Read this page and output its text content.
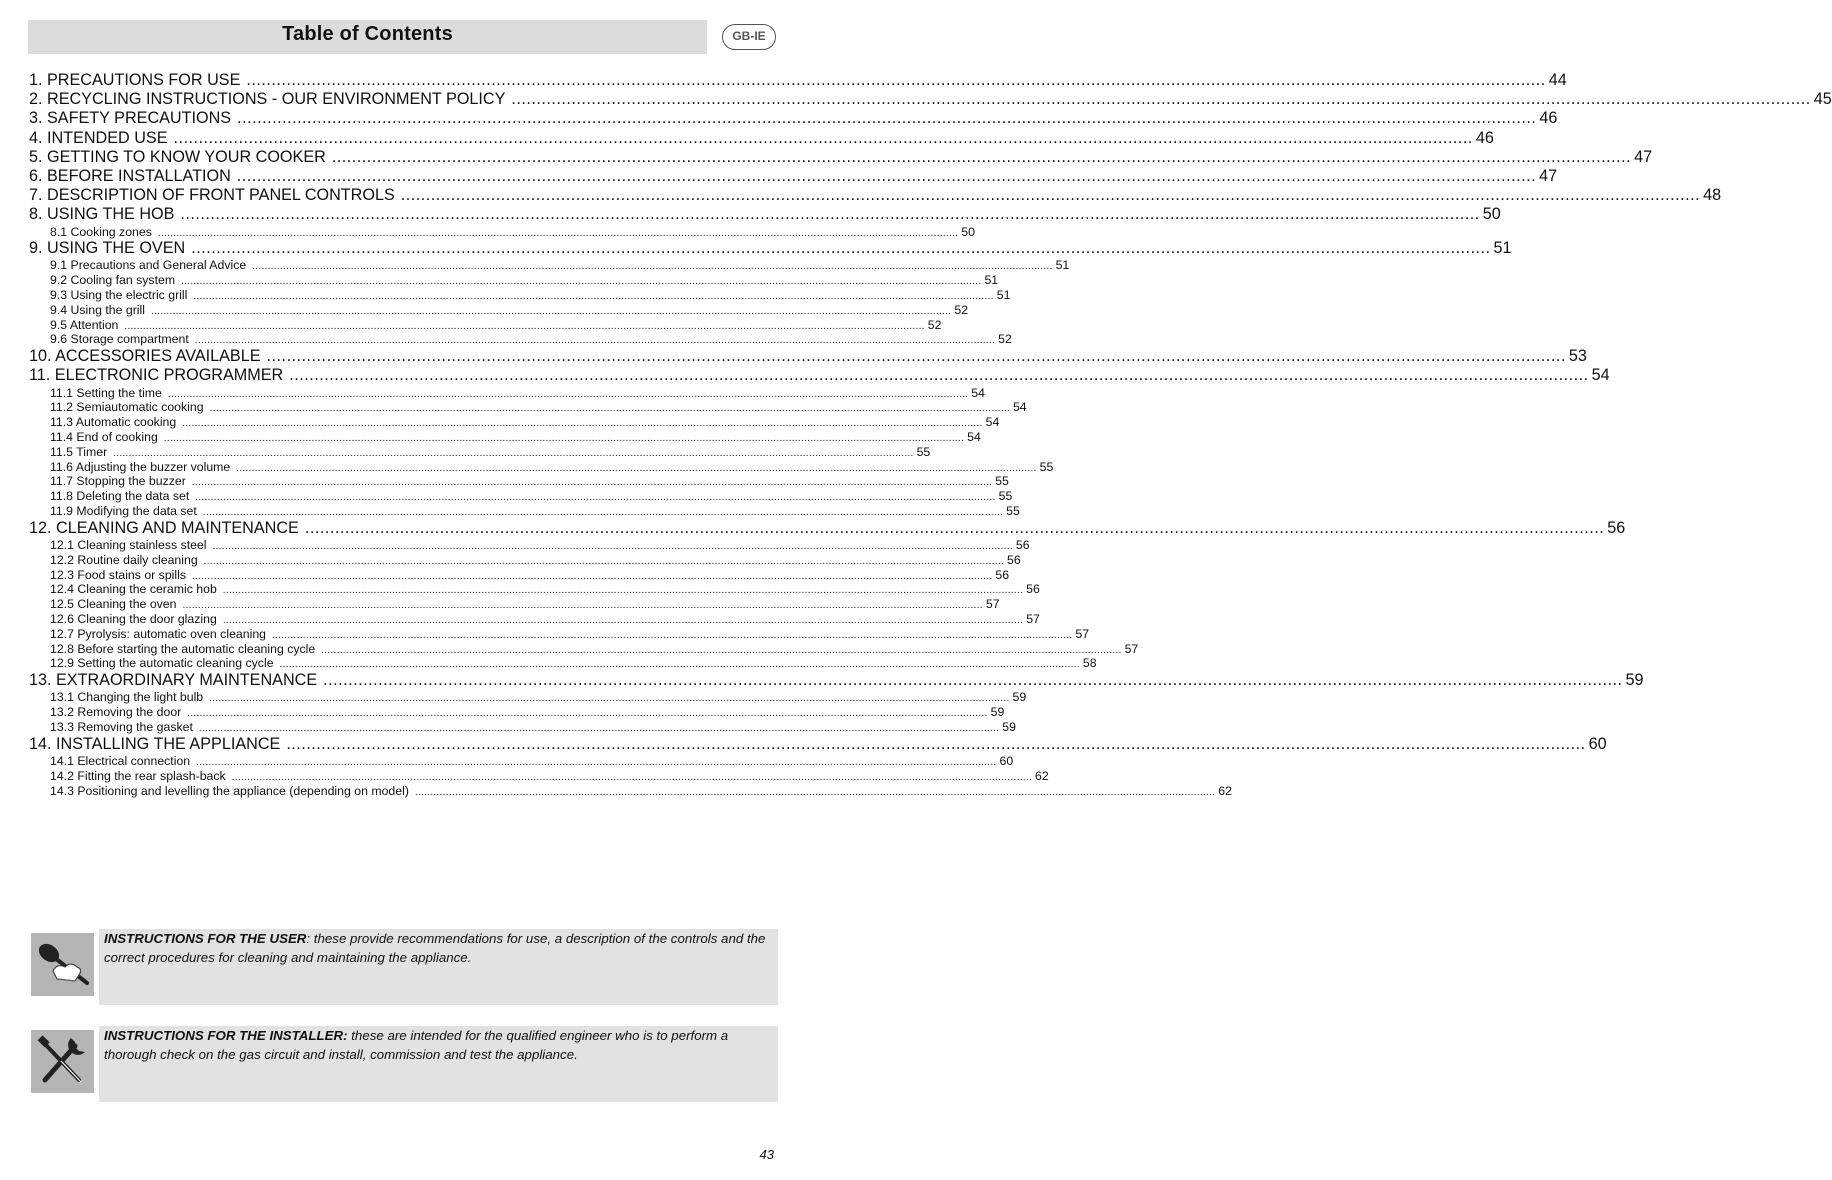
Table of Contents	GB-IE
1. PRECAUTIONS FOR USE .................................................................................................................................................................................................................................................................... 44
2. RECYCLING INSTRUCTIONS - OUR ENVIRONMENT POLICY .................................................................................................................................................................................................................................................................... 45
3. SAFETY PRECAUTIONS .................................................................................................................................................................................................................................................................... 46
4. INTENDED USE .................................................................................................................................................................................................................................................................... 46
5. GETTING TO KNOW YOUR COOKER .................................................................................................................................................................................................................................................................... 47
6. BEFORE INSTALLATION .................................................................................................................................................................................................................................................................... 47
7. DESCRIPTION OF FRONT PANEL CONTROLS .................................................................................................................................................................................................................................................................... 48
8. USING THE HOB .................................................................................................................................................................................................................................................................... 50
8.1 Cooking zones .................................................................................................................................................................................................................................................................... 50
9. USING THE OVEN .................................................................................................................................................................................................................................................................... 51
9.1 Precautions and General Advice .................................................................................................................................................................................................................................................................... 51
9.2 Cooling fan system .................................................................................................................................................................................................................................................................... 51
9.3 Using the electric grill .................................................................................................................................................................................................................................................................... 51
9.4 Using the grill .................................................................................................................................................................................................................................................................... 52
9.5 Attention .................................................................................................................................................................................................................................................................... 52
9.6 Storage compartment .................................................................................................................................................................................................................................................................... 52
10. ACCESSORIES AVAILABLE .................................................................................................................................................................................................................................................................... 53
11. ELECTRONIC PROGRAMMER .................................................................................................................................................................................................................................................................... 54
11.1 Setting the time .................................................................................................................................................................................................................................................................... 54
11.2 Semiautomatic cooking .................................................................................................................................................................................................................................................................... 54
11.3 Automatic cooking .................................................................................................................................................................................................................................................................... 54
11.4 End of cooking .................................................................................................................................................................................................................................................................... 54
11.5 Timer .................................................................................................................................................................................................................................................................... 55
11.6 Adjusting the buzzer volume .................................................................................................................................................................................................................................................................... 55
11.7 Stopping the buzzer .................................................................................................................................................................................................................................................................... 55
11.8 Deleting the data set .................................................................................................................................................................................................................................................................... 55
11.9 Modifying the data set .................................................................................................................................................................................................................................................................... 55
12. CLEANING AND MAINTENANCE .................................................................................................................................................................................................................................................................... 56
12.1 Cleaning stainless steel .................................................................................................................................................................................................................................................................... 56
12.2 Routine daily cleaning .................................................................................................................................................................................................................................................................... 56
12.3 Food stains or spills .................................................................................................................................................................................................................................................................... 56
12.4 Cleaning the ceramic hob .................................................................................................................................................................................................................................................................... 56
12.5 Cleaning the oven .................................................................................................................................................................................................................................................................... 57
12.6 Cleaning the door glazing .................................................................................................................................................................................................................................................................... 57
12.7 Pyrolysis: automatic oven cleaning .................................................................................................................................................................................................................................................................... 57
12.8 Before starting the automatic cleaning cycle .................................................................................................................................................................................................................................................................... 57
12.9 Setting the automatic cleaning cycle .................................................................................................................................................................................................................................................................... 58
13. EXTRAORDINARY MAINTENANCE .................................................................................................................................................................................................................................................................... 59
13.1 Changing the light bulb .................................................................................................................................................................................................................................................................... 59
13.2 Removing the door .................................................................................................................................................................................................................................................................... 59
13.3 Removing the gasket .................................................................................................................................................................................................................................................................... 59
14. INSTALLING THE APPLIANCE .................................................................................................................................................................................................................................................................... 60
14.1 Electrical connection .................................................................................................................................................................................................................................................................... 60
14.2 Fitting the rear splash-back .................................................................................................................................................................................................................................................................... 62
14.3 Positioning and levelling the appliance (depending on model) .................................................................................................................................................................................................................................................................... 62
INSTRUCTIONS FOR THE USER: these provide recommendations for use, a description of the controls and the correct procedures for cleaning and maintaining the appliance.
INSTRUCTIONS FOR THE INSTALLER: these are intended for the qualified engineer who is to perform a thorough check on the gas circuit and install, commission and test the appliance.
43
